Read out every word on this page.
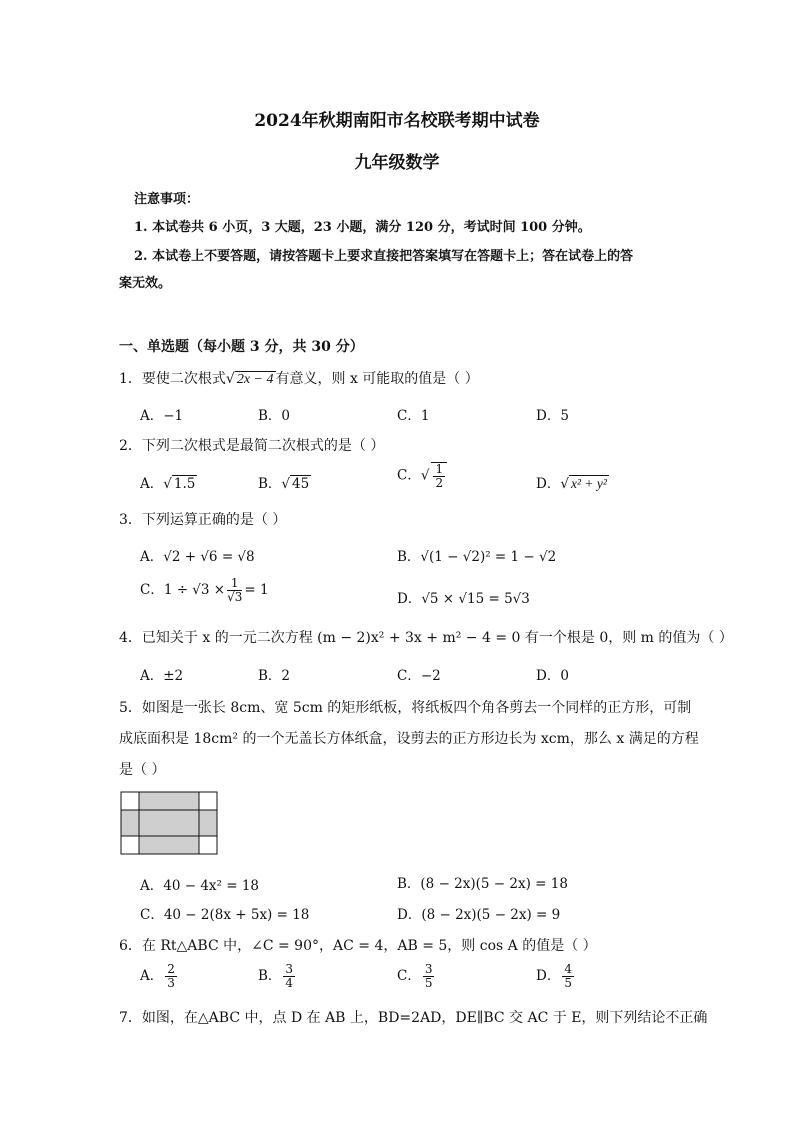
2024年秋期南阳市名校联考期中试卷
九年级数学
注意事项：
1. 本试卷共 6 小页，3 大题，23 小题，满分 120 分，考试时间 100 分钟。
2. 本试卷上不要答题，请按答题卡上要求直接把答案填写在答题卡上；答在试卷上的答
案无效。
一、单选题（每小题 3 分，共 30 分）
1．要使二次根式√ 2x − 4 有意义，则 x 可能取的值是（ ）
A．−1	B．0	C．1	D．5
2．下列二次根式是最简二次根式的是（ ）
A．√ 1.5	B．√ 45
C．√ $\frac{1}{2}$	D．√ x² + y²
3．下列运算正确的是（ ）
A．√2 + √6 = √8	B．√(1 − √2)² = 1 − √2
C．$1 \div √3 \times \frac{1}{√3} = 1$
D．√5 × √15 = 5√3
4．已知关于 x 的一元二次方程 (m − 2)x² + 3x + m² − 4 = 0 有一个根是 0，则 m 的值为（ ）
A．±2	B．2	C．−2	D．0
5．如图是一张长 8cm、宽 5cm 的矩形纸板，将纸板四个角各剪去一个同样的正方形，可制
成底面积是 18cm² 的一个无盖长方体纸盒，设剪去的正方形边长为 xcm，那么 x 满足的方程
是（ ）
A．40 − 4x² = 18	B．(8 − 2x)(5 − 2x) = 18
C．40 − 2(8x + 5x) = 18	D．(8 − 2x)(5 − 2x) = 9
6．在 Rt△ABC 中，∠C = 90°，AC = 4，AB = 5，则 cos A 的值是（ ）
A． $\frac{2}{3}$	B． $\frac{3}{4}$	C． $\frac{3}{5}$	D． $\frac{4}{5}$
7．如图，在△ABC 中，点 D 在 AB 上，BD=2AD，DE∥BC 交 AC 于 E，则下列结论不正确
